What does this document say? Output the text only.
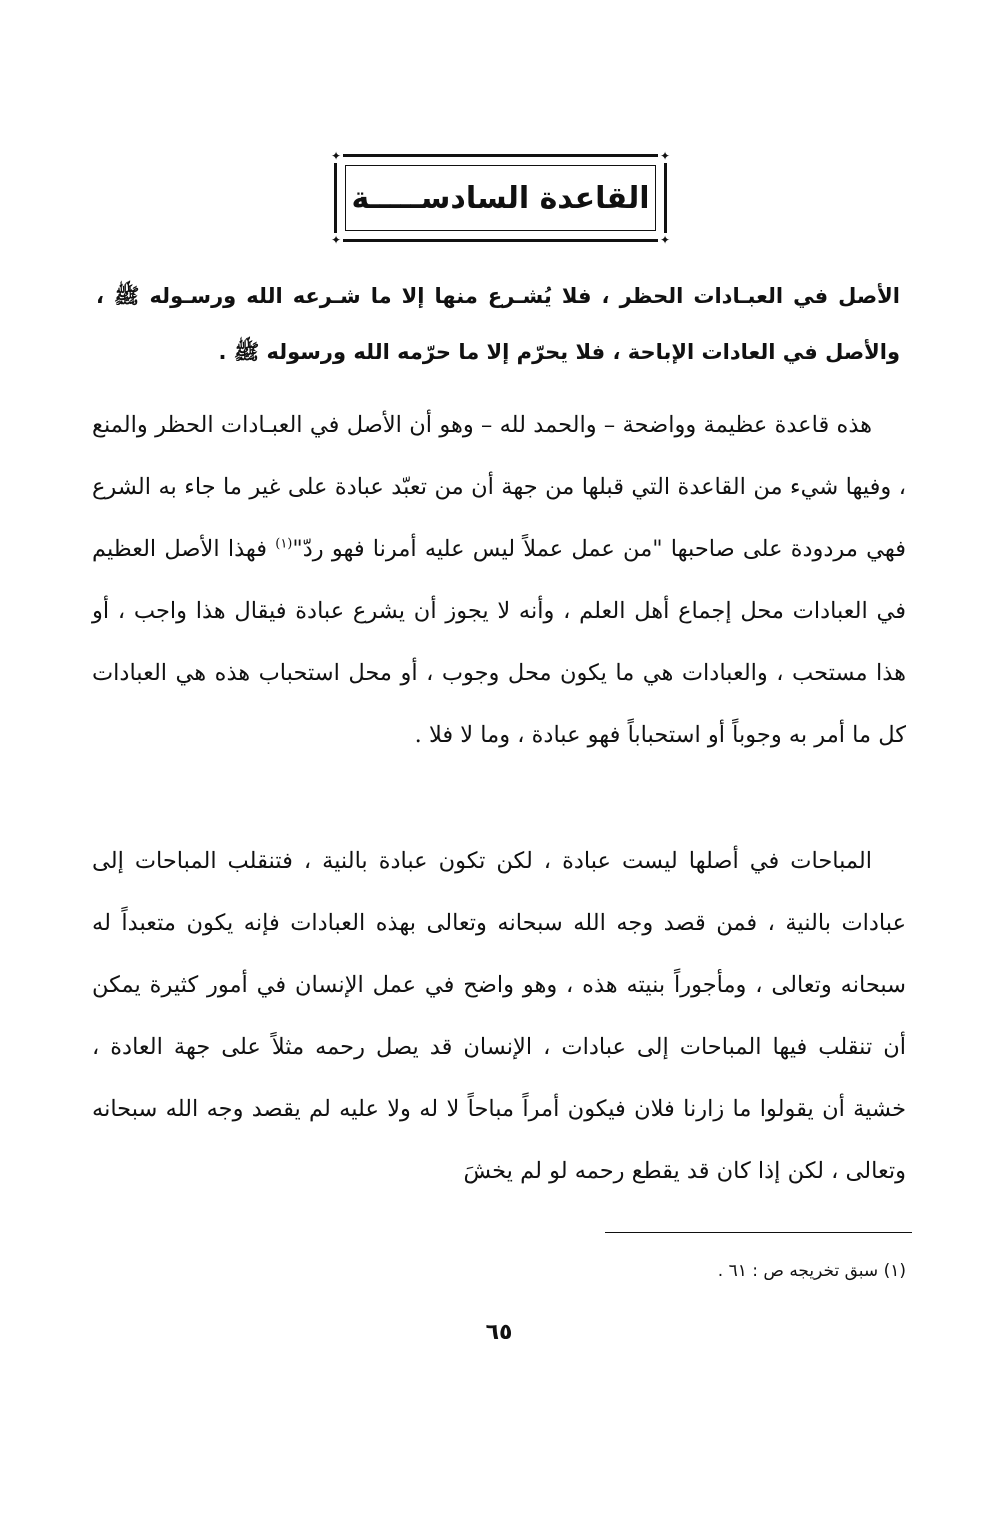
✦	✦
✦	✦
القاعدة السادســـــة
الأصل في العبـادات الحظر ، فلا يُشـرع منها إلا ما شـرعه الله ورسـوله ﷺ ، والأصل في العادات الإباحة ، فلا يحرّم إلا ما حرّمه الله ورسوله ﷺ .
هذه قاعدة عظيمة وواضحة – والحمد لله – وهو أن الأصل في العبـادات الحظر والمنع ، وفيها شيء من القاعدة التي قبلها من جهة أن من تعبّد عبادة على غير ما جاء به الشرع فهي مردودة على صاحبها "من عمل عملاً ليس عليه أمرنا فهو ردّ"$^{(١)}$ فهذا الأصل العظيم في العبادات محل إجماع أهل العلم ، وأنه لا يجوز أن يشرع عبادة فيقال هذا واجب ، أو هذا مستحب ، والعبادات هي ما يكون محل وجوب ، أو محل استحباب هذه هي العبادات كل ما أمر به وجوباً أو استحباباً فهو عبادة ، وما لا فلا .
المباحات في أصلها ليست عبادة ، لكن تكون عبادة بالنية ، فتنقلب المباحات إلى عبادات بالنية ، فمن قصد وجه الله سبحانه وتعالى بهذه العبادات فإنه يكون متعبداً له سبحانه وتعالى ، ومأجوراً بنيته هذه ، وهو واضح في عمل الإنسان في أمور كثيرة يمكن أن تنقلب فيها المباحات إلى عبادات ، الإنسان قد يصل رحمه مثلاً على جهة العادة ، خشية أن يقولوا ما زارنا فلان فيكون أمراً مباحاً لا له ولا عليه لم يقصد وجه الله سبحانه وتعالى ، لكن إذا كان قد يقطع رحمه لو لم يخشَ
(١) سبق تخريجه ص : ٦١ .
٦٥
